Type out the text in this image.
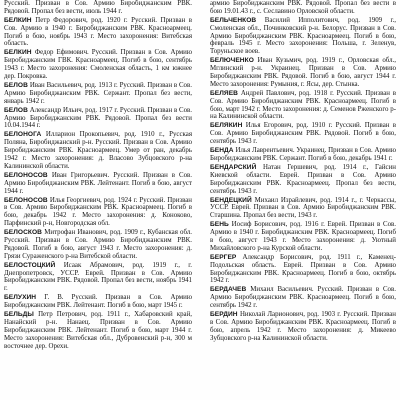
Русский. Призван в Сов. Армию Биробиджанским РВК. Рядовой. Пропал без вести, июль 1944 г.

БЕЛКИН Петр Федорович, род. 1920 г. Русский. Призван в Сов. Армию в 1940 г. Биробиджанским РВК. Красноармеец. Погиб в бою, ноябрь 1943 г. Место захоронения: Витебская область.

БЕЛКИН Федор Ефимович. Русский. Призван в Сов. Армию Биробиджанским ГВК. Красноармеец. Погиб в бою, сентябрь 1943 г. Место захоронения: Смоленская область, 1 км южнее дер. Покровка.

БЕЛОВ Иван Васильевич, род. 1913 г. Русский. Призван в Сов. Армию Биробиджанским РВК. Сержант. Пропал без вести, январь 1942 г.

БЕЛОВ Александр Ильич, род. 1917 г. Русский. Призван в Сов. Армию Биробиджанским РВК. Рядовой. Пропал без вести 10.04.1944 г.

БЕЛОНОГА Илларион Прокопьевич, род. 1910 г., Русская Поляна, Биробиджанский р-н. Русский. Призван в Сов. Армию Биробиджанским РВК. Красноармеец. Умер от ран, декабрь 1942 г. Место захоронения: д. Власово Зубцовского р-на Калининской области.

БЕЛОНОСОВ Иван Григорьевич. Русский. Призван в Сов. Армию Биробиджанским РВК. Лейтенант. Погиб в бою, август 1944 г.

БЕЛОНОСОВ Илья Георгиевич, род. 1924 г. Русский. Призван в Сов. Армию Биробиджанским РВК. Красноармеец. Погиб в бою, декабрь 1942 г. Место захоронения: д. Коноково, Парфинский р-н, Новгородская обл.

БЕЛОСКОВ Митрофан Иванович, род. 1909 г., Кубанская обл. Русский. Призван в Сов. Армию Биробиджанским РВК. Рядовой. Погиб в бою, август 1943 г. Место захоронения: д. Грязи Сураженского р-на Витебской области.

БЕЛОСТОЦКИЙ Исаак Абрамович, род. 1919 г., г. Днепропетровск, УССР. Еврей. Призван в Сов. Армию Биробиджанским РВК. Рядовой. Пропал без вести, ноябрь 1941 г.

БЕЛУХИН Г. В. Русский. Призван в Сов. Армию Биробиджанским РВК. Лейтенант. Погиб в бою, март 1945 г.

БЕЛЬДЫ Петр Петрович, род. 1911 г., Хабаровский край, Нанайский р-н. Нанаец. Призван в Сов. Армию Биробиджанским РВК. Лейтенант. Погиб в бою, март 1944 г. Место захоронения: Витебская обл., Дубровенский р-н, 300 м восточнее дер. Орехи.

армию Биробиджанским РВК. Рядовой. Пропал без вести в бою 19.01.43 г., с. Сеславино Орловской области.

БЕЛЬЧЕНКОВ Василий Ипполитович, род. 1909 г., Смоленская обл., Починковский р-н. Белорус. Призван в Сов. Армию Биробиджанским РВК. Красноармеец. Погиб в бою, февраль 1945 г. Место захоронения: Польша, г. Зеленув, Торуньское воев.

БЕЛЮЧЕНКО Иван Кузьмич, род. 1919 г., Орловская обл., Мглинский р-н. Украинец. Призван в Сов. Армию Биробиджанским РВК. Рядовой. Погиб в бою, август 1944 г. Место захоронения: Румыния, г. Ясы, дер. Стынка.

БЕЛЯЕВ Андрей Павлович, род. 1918 г. Русский. Призван в Сов. Армию Биробиджанским РВК. Красноармеец. Погиб в бою, март 1942 г. Место захоронения: д. Семенов Рженского р-на Калининской области.

БЕЛЯКИН Илья Егорович, род. 1910 г. Русский. Призван в Сов. Армию Биробиджанским РВК. Рядовой. Погиб в бою, сентябрь 1943 г.

БЕНДА Илья Лаврентьевич. Украинец. Призван в Сов. Армию Биробиджанским РВК. Сержант. Погиб в бою, декабрь 1941 г.

БЕНДАРСКИЙ Натан Гершевич, род. 1914 г., Гайсин Киевской области. Еврей. Призван в Сов. Армию Биробиджанским РВК. Красноармеец. Пропал без вести, сентябрь 1943 г.

БЕНДЕЦКИЙ Михаил Израйлевич, род. 1914 г., г. Черкассы, УССР. Еврей. Призван в Сов. Армию Биробиджанским РВК. Старшина. Пропал без вести, 1943 г.

БЕНЬ Иосиф Борисович, род. 1916 г. Еврей. Призван в Сов. Армию в 1940 г. Биробиджанским РВК. Красноармеец. Погиб в бою, август 1943 г. Место захоронения: д. Уютный Михайловского р-на Курской области.

БЕРГЕР Александр Борисович, род. 1911 г., Каменец-Подольская область. Еврей. Призван в Сов. Армию Биробиджанским РВК. Красноармеец. Погиб в бою, октябрь 1942 г.

БЕРДАЧЕВ Михаил Васильевич. Русский. Призван в Сов. Армию Биробиджанским РВК. Красноармеец. Погиб в бою, сентябрь 1942 г.

БЕРДИН Николай Ларионович, род. 1903 г. Русский. Призван в Сов. Армию Биробиджанским РВК. Красноармеец. Погиб в бою, апрель 1942 г. Место захоронения: д. Микеево Зубцовского р-на Калининской области.
